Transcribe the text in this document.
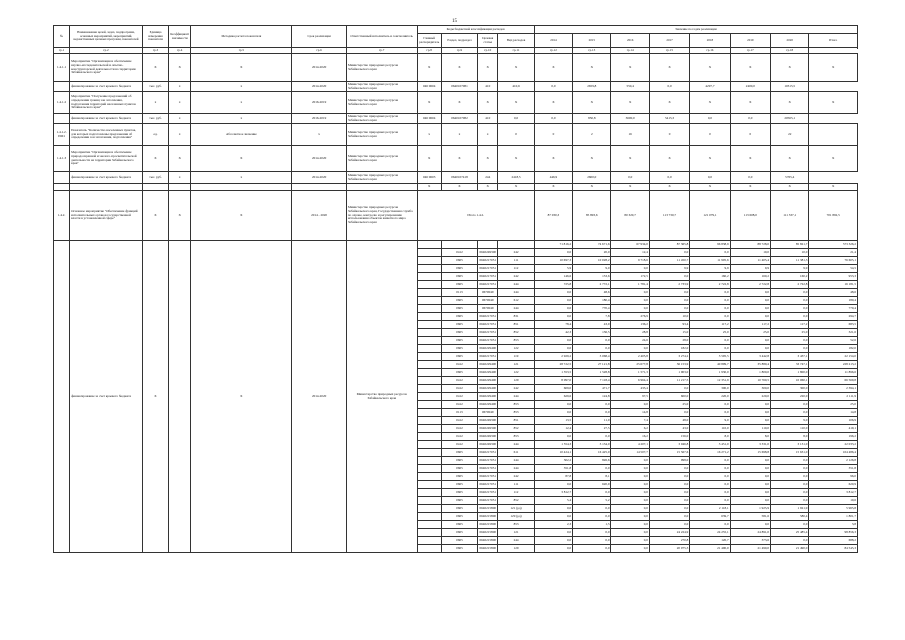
15
№	Наименование целей, задач, подпрограмм, основных мероприятий, мероприятий, ведомственных целевых программ, показателей	Единица измерения показателя	Коэффициент значимости	Методика расчета показателя	Срок реализации	Ответственный исполнитель и соисполнитель	Коды бюджетной классификации расходов				Значение по годам реализации							
							Главный распорядитель	Раздел, подраздел	Целевая статья	Вид расходов	2014	2015	2016	2017	2018	2019	2020	Итого

гр.1	гр.2	гр.3	гр.4	гр.5	гр.6	гр.7	гр.8	гр.9	гр.10	гр.11	гр.12	гр.13	гр.14	гр.15	гр.16	гр.17	гр.18	
1.4.1.1	Мероприятие "Организация и обеспечение научно-исследовательской и опытно-конструкторской деятельности на территории Забайкальского края"	Х	Х	Х	2014-2020	Министерство природных ресурсов Забайкальского края	Х	Х	Х	Х	Х	Х	Х	Х	Х	Х	Х	Х
	финансирование за счет краевого бюджета	тыс. руб.	х	х	2014-2020	Министерство природных ресурсов Забайкальского края	046 0604	0640107081	410	410,6	0,0	2659,8	550,4	0,0	4297,7	2400,0	10315,5	
1.4.1.2	Мероприятие "Получение предложений об определении границ зон затопления, подтопления территорий населенных пунктов Забайкальского края"	х	х	х	2016-2019	Министерство природных ресурсов Забайкальского края	Х	Х	Х	Х	Х	Х	Х	Х	Х	Х	Х	Х
	финансирование за счет краевого бюджета	тыс. руб.	х	х	2016-2019	Министерство природных ресурсов Забайкальского края	046 0604	0640107082	410	0,0	0,0	850,8	3600,0	5415,3	0,0	0,0	20565,1	
1.4.1.2. ПМ1	Показатель "Количество населенных пунктов, для которых подготовлены предложения об определении зон затопления, подтопления"	ед.	х	Абсолютное значение	х	Министерство природных ресурсов Забайкальского края	х	х	х	0	0	2	16	0	0	0	22	
1.4.1.3	Мероприятие "Организация и обеспечение природоохранной и эколого-просветительской деятельности на территории Забайкальского края"	Х	Х	Х	2014-2020	Министерство природных ресурсов Забайкальского края	Х	Х	Х	Х	Х	Х	Х	Х	Х	Х	Х	Х
	финансирование за счет краевого бюджета	тыс. руб.	х	х	2014-2020	Министерство природных ресурсов Забайкальского края	046 0603	0640107418	244	2418,5	446,9	2600,0	0,0	0,0	0,0	0,0	5765,4	
							Х	Х	Х	Х	Х	Х	Х	Х	Х	Х	Х	Х
1.4.2.	Основное мероприятие "Обеспечение функций исполнительных органов государственной власти в установленной сфере"	Х	Х	Х	2014 - 2020	Министерство природных ресурсов Забайкальского края, Государственная служба по охране, контролю и регулированию использования объектов животного мира Забайкальского края	Итого 1.4.2.				87 030,3	85 893,6	80 320,7	113 730,7	121 079,1	113 608,0	111 337,1	701 892,5
	финансирование за счет краевого бюджета	Х		Х	2014-2020	Министерство природных ресурсов Забайкальского края					71 816,2	74 671,6	67 934,0	87 365,8	96 838,9	88 728,0	85 821,7	573 326,2
								0412	0640249300	242	0,0	20,0	12,4	0,0	0,0	10,0	10,0	21,4
								0605	0640217051	111	10 697,3	10 028,2	9 718,6	11 450,7	11 905,6	11 405,4	11 381,3	76 605,1
								0605	0640217051	112	5,9	9,0	0,0	9,9	9,9	9,9	9,9	54,5
								0605	0640217051	242	146,6	153,6	172,5	0,0	160,2	160,2	160,2	953,3
								0605	0640217051	244	725,8	2 772,1	1 781,4	2 733,9	2 722,8	2 722,8	2 722,8	16 181,5
								0113	0670049	244	0,0	48,6	0,0	0,0	0,0	0,0	0,0	48,6
								0605	0670049	612	0,0	180,4	0,0	0,0	0,0	0,0	0,0	180,4
								0605	0670049	244	0,0	770,4	0,0	0,0	0,0	0,0	0,0	770,4
								0605	0640217051	831	0,0	7,8	276,9	10,0	0,0	0,0	0,0	294,7
								0605	0640217051	851	78,4	43,9	136,2	93,4	117,2	117,2	117,2	683,5
								0605	0640217051	852	42,3	136,5	28,8	15,0	25,0	25,0	25,0	321,6
								0605	0640217051	853	0,0	0,0	24,6	28,0	0,0	0,0	0,0	52,6
								0605	0640229400	122	0,0	0,0	0,0	182,0	0,0	0,0	0,0	182,0
								0605	0640217051	119	2 929,2	3 068,4	2 405,8	3 274,2	3 595,5	3 442,8	3 437,1	22 154,0
								0412	0640229400	121	28 722,5	27 121,8	25 677,8	36 153,9	40 899,7	35 880,4	33 747,1	228 213,2
								0605	0640229400	122	1 353,5	1 528,8	1 571,3	1 903,0	1 930,0	1 800,0	1 800,0	11 896,6
								0412	0640229400	129	8 097,0	7 118,4	6 964,4	11 217,5	12 351,9	10 760,5	10 060,1	66 569,8
								0412	0640229400	242	609,0	471,7	433,4	0,0	300,0	300,0	300,0	2 394,1
								0412	0640229400	244	629,6	124,8	97,5	600,0	220,0	220,0	220,0	2 111,9
								0412	0640229400	853	0,0	0,0	0,0	25,0	0,0	0,0	0,0	25,0
								0113	0670049	853	0,0	0,0	14,8	0,0	0,0	0,0	0,0	14,8
								0412	0640249300	851	13,5	11,0	7,4	48,0	9,0	9,0	9,0	106,9
								0412	0640249300	852	12,4	27,5	6,2	43,0	110,0	110,0	110,0	419,1
								0412	0640249300	853	0,0	0,0	16,2	156,0	8,0	8,0	8,0	196,2
								0412	0640249300	244	1 554,3	3 134,0	4 207,1	3 046,8	3 451,0	3 331,0	3 131,0	22 033,2
								0605	0640217051	611	10 424,1	16 425,0	14 507,7	15 567,6	16 271,2	15 698,8	15 631,0	104 486,4
								0605	0640217051	244	302,2	826,6	0,0	998,0	0,0	0,0	0,0	2 126,8
								0605	0640217051	244	351,8	0,0	0,0	0,0	0,0	0,0	0,0	351,8
								0605	0640217051	242	87,8	8,1	0,0	0,0	0,0	0,0	0,0	96,0
								0605	0640217051	111	0,0	620,9	0,0	0,0	0,0	0,0	0,0	620,9
								0605	0640217051	112	3 812,7	0,0	0,0	0,0	0,0	0,0	0,0	3 812,7
								0605	0640217051	852	5,4	5,2	0,0	0,0	0,0	0,0	0,0	10,6
								0605	0640215800	121 (рд)	0,0	0,0	0,0	0,0	2 118,1	1 925,9	1 921,9	5 965,8
								0605	0640215800	129 (рд)	0,0	0,0	0,0	0,0	639,7	581,6	580,4	1 801,7
								0605	0640215800	853	2,3	1,5	0,0	0,0	0,0	0,0	0,0	3,8
								0605	0640215800	121	0,0	0,0	0,0	24 224,9	24 255,1	24 891,0	25 485,4	98 856,3
								0605	0640215800	244	0,0	0,0	0,0	270,8	120,7	373,6	0,0	688,2
								0605	0640215800	129	0,0	0,0	0,0	20 075,3	21 490,0	21 490,0	21 490,0	84 545,3
